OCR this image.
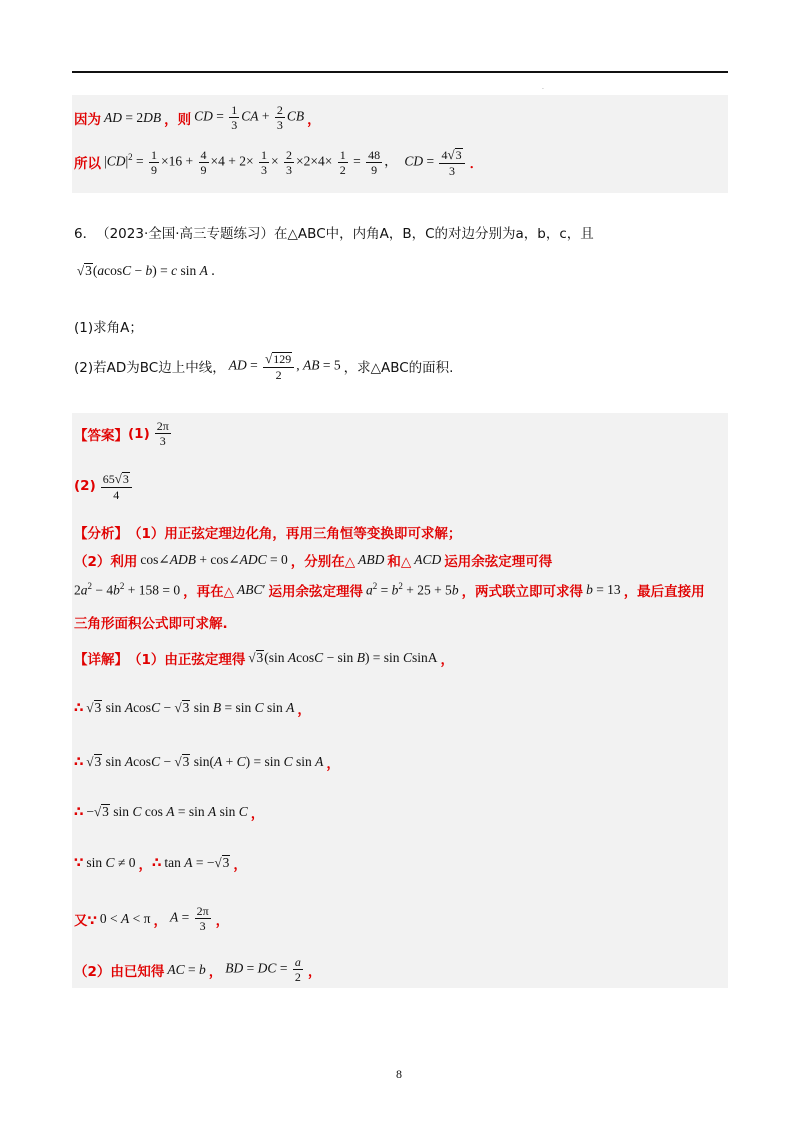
.
因为 AD = 2DB ，则 CD = $\frac{1}{3}$ CA + $\frac{2}{3}$ CB ，
所以 $|CD|^2 = \frac{1}{9} \times 16 + \frac{4}{9} \times 4 + 2\times \frac{1}{3} \times \frac{2}{3} \times 2\times 4\times \frac{1}{2} = \frac{48}{9}$ ，  CD = $\frac{4 √ 3}{3}$ ．
6． （2023·全国·高三专题练习） 在△ABC中，内角A，B，C的对边分别为a，b，c，且
√ 3 (acosC − b) = c sin A .
(1)求角A；
(2)若AD为BC边上中线， AD = $\frac{√ 129}{2}$ , AB = 5 ，求△ABC的面积.
【答案】 $(1) \frac{2\pi}{3}$
$(2) \frac{65 √ 3}{4}$
【分析】 （1）用正弦定理边化角，再用三角恒等变换即可求解；
（2）利用 cos∠ADB + cos∠ADC = 0 ，分别在△ ABD 和△ ACD 运用余弦定理可得
$2a^2 - 4b^2 + 158 = 0$ ，再在△ ABC′ 运用余弦定理得 $a^2 = b^2 + 25 + 5b$ ，两式联立即可求得 b = 13 ，最后直接用
三角形面积公式即可求解.
【详解】 （1）由正弦定理得 √ 3 (sin AcosC − sin B) = sin CsinA ，
∴ √ 3 sin AcosC − √ 3 sin B = sin C sin A ，
∴ √ 3 sin AcosC − √ 3 sin(A + C) = sin C sin A ，
∴ − √ 3 sin C cos A = sin A sin C ，
∵ sin C ≠ 0 ， ∴ tan A = − √ 3 ，
又∵ 0 < A < π ， $A = \frac{2\pi}{3}$ ，
（2）由已知得 AC = b ， BD = DC = $\frac{a}{2}$ ，
8
